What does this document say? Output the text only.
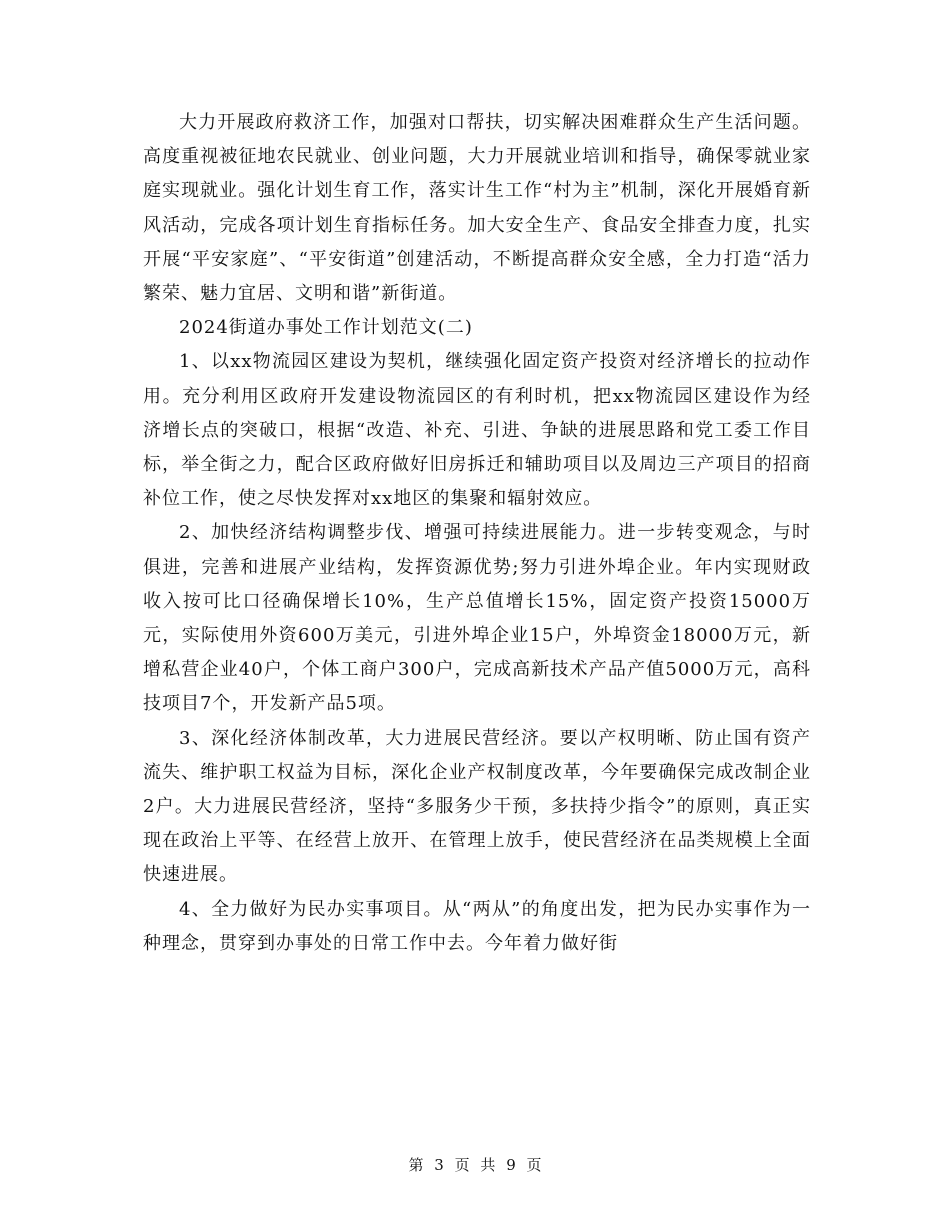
大力开展政府救济工作，加强对口帮扶，切实解决困难群众生产生活问题。高度重视被征地农民就业、创业问题，大力开展就业培训和指导，确保零就业家庭实现就业。强化计划生育工作，落实计生工作“村为主”机制，深化开展婚育新风活动，完成各项计划生育指标任务。加大安全生产、食品安全排查力度，扎实开展“平安家庭”、“平安街道”创建活动，不断提高群众安全感，全力打造“活力繁荣、魅力宜居、文明和谐”新街道。

2024街道办事处工作计划范文(二)

1、以xx物流园区建设为契机，继续强化固定资产投资对经济增长的拉动作用。充分利用区政府开发建设物流园区的有利时机，把xx物流园区建设作为经济增长点的突破口，根据“改造、补充、引进、争缺的进展思路和党工委工作目标，举全街之力，配合区政府做好旧房拆迁和辅助项目以及周边三产项目的招商补位工作，使之尽快发挥对xx地区的集聚和辐射效应。

2、加快经济结构调整步伐、增强可持续进展能力。进一步转变观念，与时俱进，完善和进展产业结构，发挥资源优势;努力引进外埠企业。年内实现财政收入按可比口径确保增长10%，生产总值增长15%，固定资产投资15000万元，实际使用外资600万美元，引进外埠企业15户，外埠资金18000万元，新增私营企业40户，个体工商户300户，完成高新技术产品产值5000万元，高科技项目7个，开发新产品5项。

3、深化经济体制改革，大力进展民营经济。要以产权明晰、防止国有资产流失、维护职工权益为目标，深化企业产权制度改革，今年要确保完成改制企业2户。大力进展民营经济，坚持“多服务少干预，多扶持少指令”的原则，真正实现在政治上平等、在经营上放开、在管理上放手，使民营经济在品类规模上全面快速进展。

4、全力做好为民办实事项目。从“两从”的角度出发，把为民办实事作为一种理念，贯穿到办事处的日常工作中去。今年着力做好街

第 3 页 共 9 页
